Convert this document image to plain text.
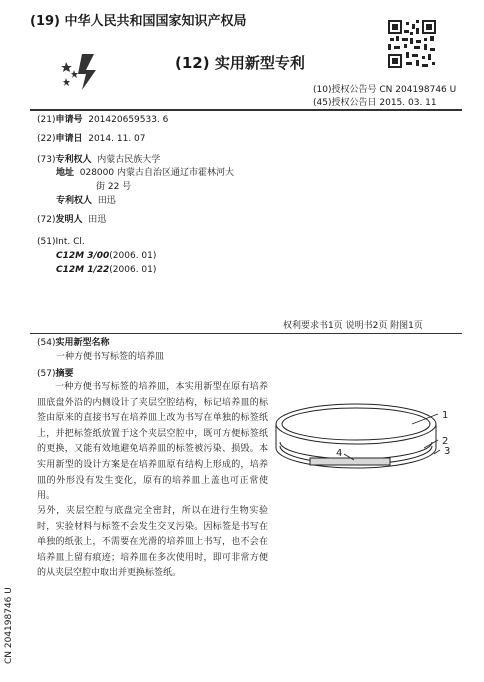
(19) 中华人民共和国国家知识产权局
(12) 实用新型专利
(10)授权公告号 CN 204198746 U
(45)授权公告日 2015. 03. 11
(21)申请号 201420659533. 6
(22)申请日 2014. 11. 07
(73)专利权人 内蒙古民族大学
地址 028000 内蒙古自治区通辽市霍林河大
街 22 号
专利权人 田迅
(72)发明人 田迅
(51)Int. Cl.
C12M 3/00(2006. 01)
C12M 1/22(2006. 01)
权利要求书1页 说明书2页 附图1页
(54)实用新型名称
一种方便书写标签的培养皿
(57)摘要
一种方便书写标签的培养皿，本实用新型在原有培养皿底盘外沿的内侧设计了夹层空腔结构，标记培养皿的标签由原来的直接书写在培养皿上改为书写在单独的标签纸上，并把标签纸放置于这个夹层空腔中，既可方便标签纸的更换，又能有效地避免培养皿的标签被污染、损毁。本实用新型的设计方案是在培养皿原有结构上形成的，培养皿的外形没有发生变化，原有的培养皿上盖也可正常使用。
另外，夹层空腔与底盘完全密封，所以在进行生物实验时，实验材料与标签不会发生交叉污染。因标签是书写在单独的纸张上，不需要在光滑的培养皿上书写，也不会在培养皿上留有痕迹；培养皿在多次使用时，即可非常方便的从夹层空腔中取出并更换标签纸。
1
2
3
4
CN 204198746 U
